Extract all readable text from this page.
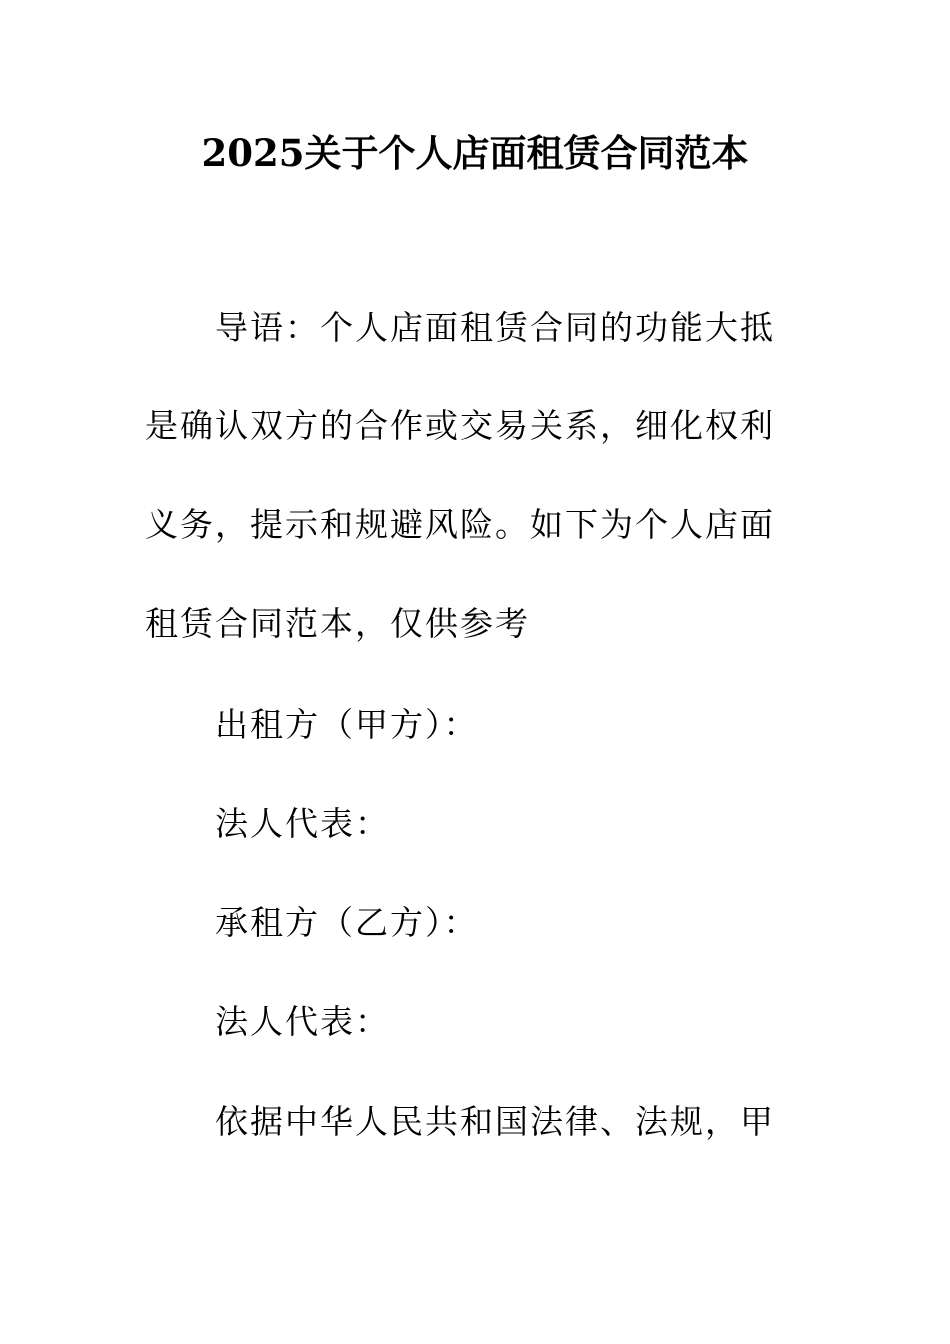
2025关于个人店面租赁合同范本
导语：个人店面租赁合同的功能大抵
是确认双方的合作或交易关系，细化权利
义务，提示和规避风险。如下为个人店面
租赁合同范本，仅供参考
出租方（甲方）：
法人代表：
承租方（乙方）：
法人代表：
依据中华人民共和国法律、法规，甲
